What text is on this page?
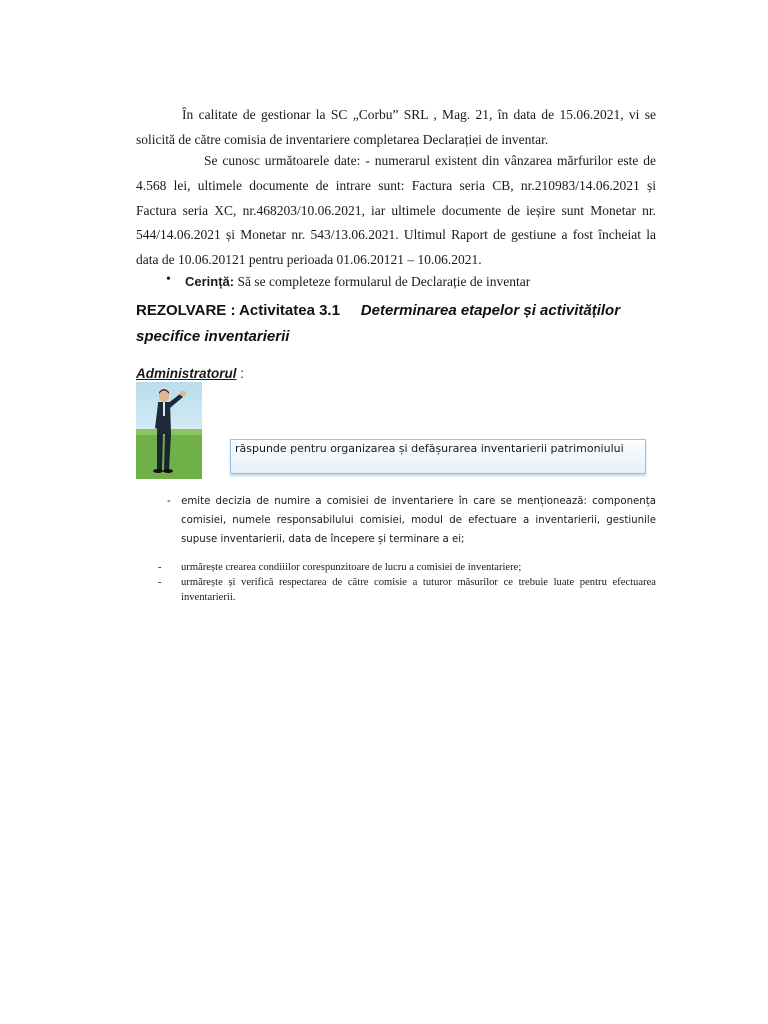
În calitate de gestionar la SC „Corbu” SRL , Mag. 21, în data de 15.06.2021, vi se solicită de către comisia de inventariere completarea Declarației de inventar.

Se cunosc următoarele date: - numerarul existent din vânzarea mărfurilor este de 4.568 lei, ultimele documente de intrare sunt: Factura seria CB, nr.210983/14.06.2021 și Factura seria XC, nr.468203/10.06.2021, iar ultimele documente de ieșire sunt Monetar nr. 544/14.06.2021 și Monetar nr. 543/13.06.2021. Ultimul Raport de gestiune a fost încheiat la data de 10.06.20121 pentru perioada 01.06.20121 – 10.06.2021.

• Cerință: Să se completeze formularul de Declarație de inventar
REZOLVARE : Activitatea 3.1 Determinarea etapelor și activităților specifice inventarierii
Administratorul :
răspunde pentru organizarea și defășurarea inventarierii patrimoniului
- emite decizia de numire a comisiei de inventariere în care se menționează: componența comisiei, numele responsabilului comisiei, modul de efectuare a inventarierii, gestiunile supuse inventarierii, data de începere și terminare a ei;
- urmărește crearea condiiilor corespunzitoare de lucru a comisiei de inventariere;
- urmărește și verifică respectarea de către comisie a tuturor măsurilor ce trebuie luate pentru efectuarea inventarierii.
